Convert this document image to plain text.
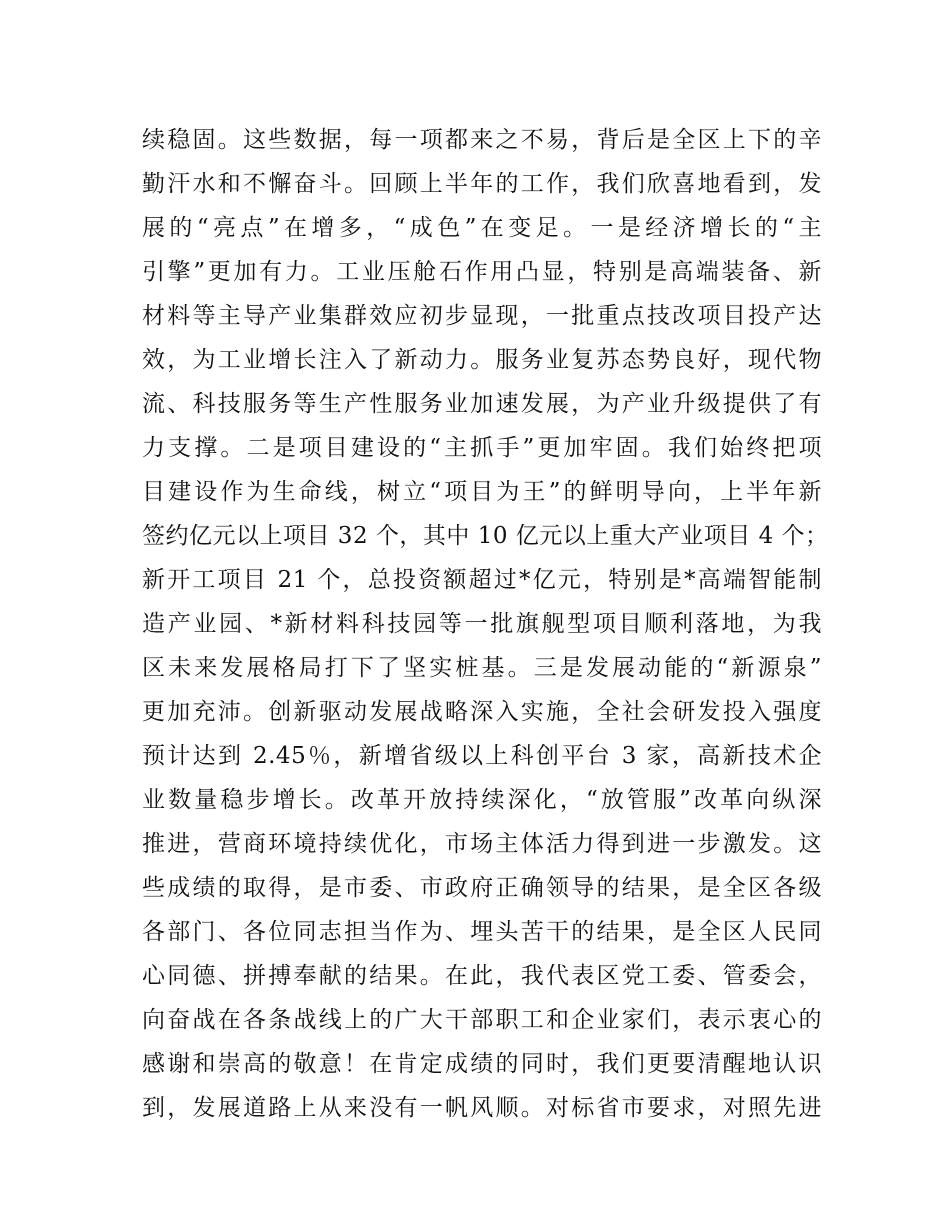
续稳固。这些数据，每一项都来之不易，背后是全区上下的辛
勤汗水和不懈奋斗。回顾上半年的工作，我们欣喜地看到，发
展的“亮点”在增多，“成色”在变足。一是经济增长的“主
引擎”更加有力。工业压舱石作用凸显，特别是高端装备、新
材料等主导产业集群效应初步显现，一批重点技改项目投产达
效，为工业增长注入了新动力。服务业复苏态势良好，现代物
流、科技服务等生产性服务业加速发展，为产业升级提供了有
力支撑。二是项目建设的“主抓手”更加牢固。我们始终把项
目建设作为生命线，树立“项目为王”的鲜明导向，上半年新
签约亿元以上项目 32 个，其中 10 亿元以上重大产业项目 4 个；
新开工项目 21 个，总投资额超过*亿元，特别是*高端智能制
造产业园、*新材料科技园等一批旗舰型项目顺利落地，为我
区未来发展格局打下了坚实桩基。三是发展动能的“新源泉”
更加充沛。创新驱动发展战略深入实施，全社会研发投入强度
预计达到 2.45％，新增省级以上科创平台 3 家，高新技术企
业数量稳步增长。改革开放持续深化，“放管服”改革向纵深
推进，营商环境持续优化，市场主体活力得到进一步激发。这
些成绩的取得，是市委、市政府正确领导的结果，是全区各级
各部门、各位同志担当作为、埋头苦干的结果，是全区人民同
心同德、拼搏奉献的结果。在此，我代表区党工委、管委会，
向奋战在各条战线上的广大干部职工和企业家们，表示衷心的
感谢和崇高的敬意！在肯定成绩的同时，我们更要清醒地认识
到，发展道路上从来没有一帆风顺。对标省市要求，对照先进
